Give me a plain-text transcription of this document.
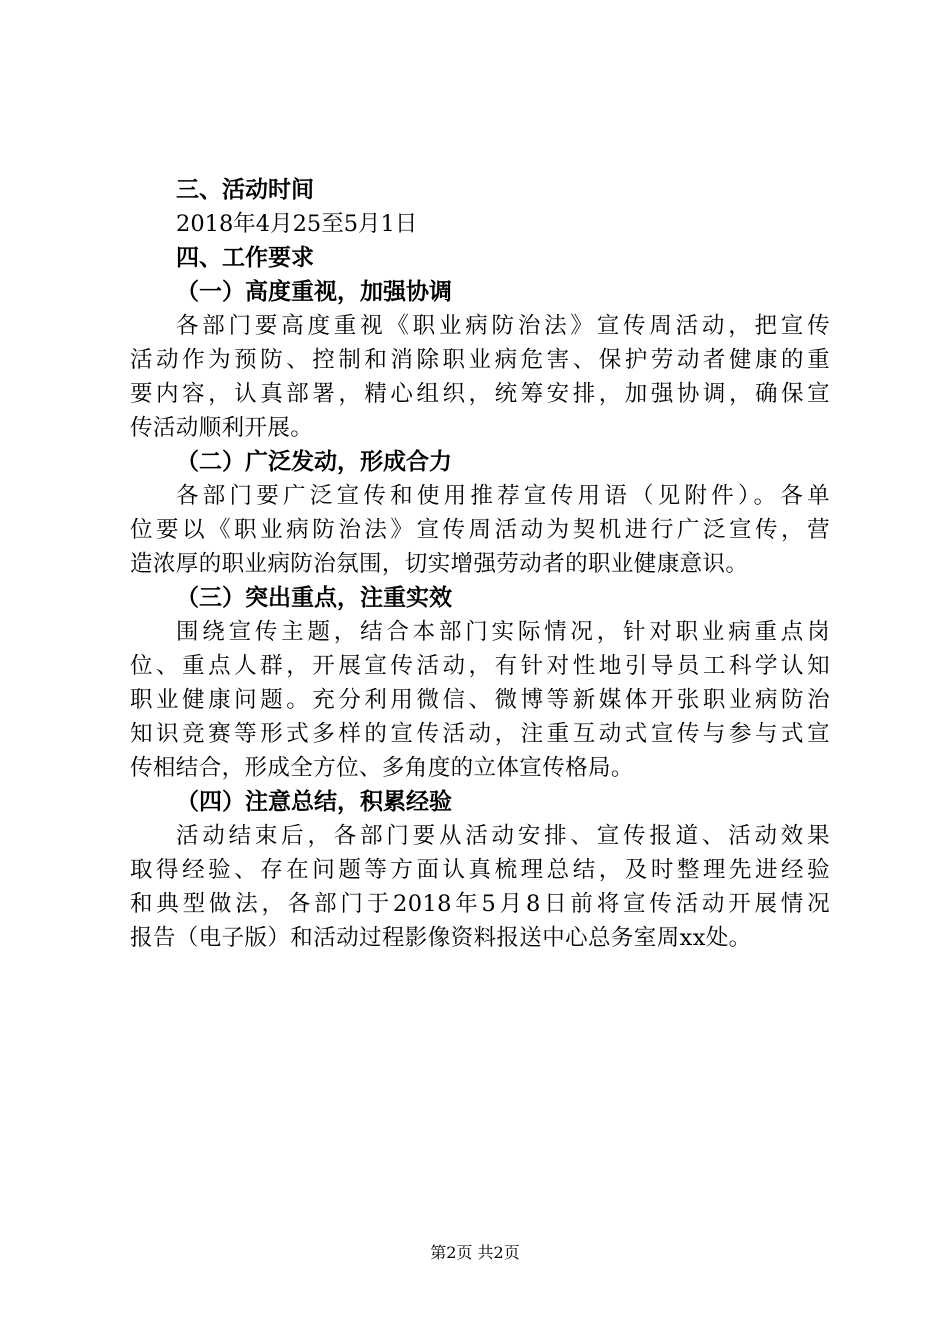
三、活动时间
2018年4月25至5月1日
四、工作要求
（一）高度重视，加强协调
各部门要高度重视《职业病防治法》宣传周活动，把宣传
活动作为预防、控制和消除职业病危害、保护劳动者健康的重
要内容，认真部署，精心组织，统筹安排，加强协调，确保宣
传活动顺利开展。
（二）广泛发动，形成合力
各部门要广泛宣传和使用推荐宣传用语（见附件）。各单
位要以《职业病防治法》宣传周活动为契机进行广泛宣传，营
造浓厚的职业病防治氛围，切实增强劳动者的职业健康意识。
（三）突出重点，注重实效
围绕宣传主题，结合本部门实际情况，针对职业病重点岗
位、重点人群，开展宣传活动，有针对性地引导员工科学认知
职业健康问题。充分利用微信、微博等新媒体开张职业病防治
知识竞赛等形式多样的宣传活动，注重互动式宣传与参与式宣
传相结合，形成全方位、多角度的立体宣传格局。
（四）注意总结，积累经验
活动结束后，各部门要从活动安排、宣传报道、活动效果
取得经验、存在问题等方面认真梳理总结，及时整理先进经验
和典型做法，各部门于2018年5月8日前将宣传活动开展情况
报告（电子版）和活动过程影像资料报送中心总务室周xx处。
第2页 共2页
